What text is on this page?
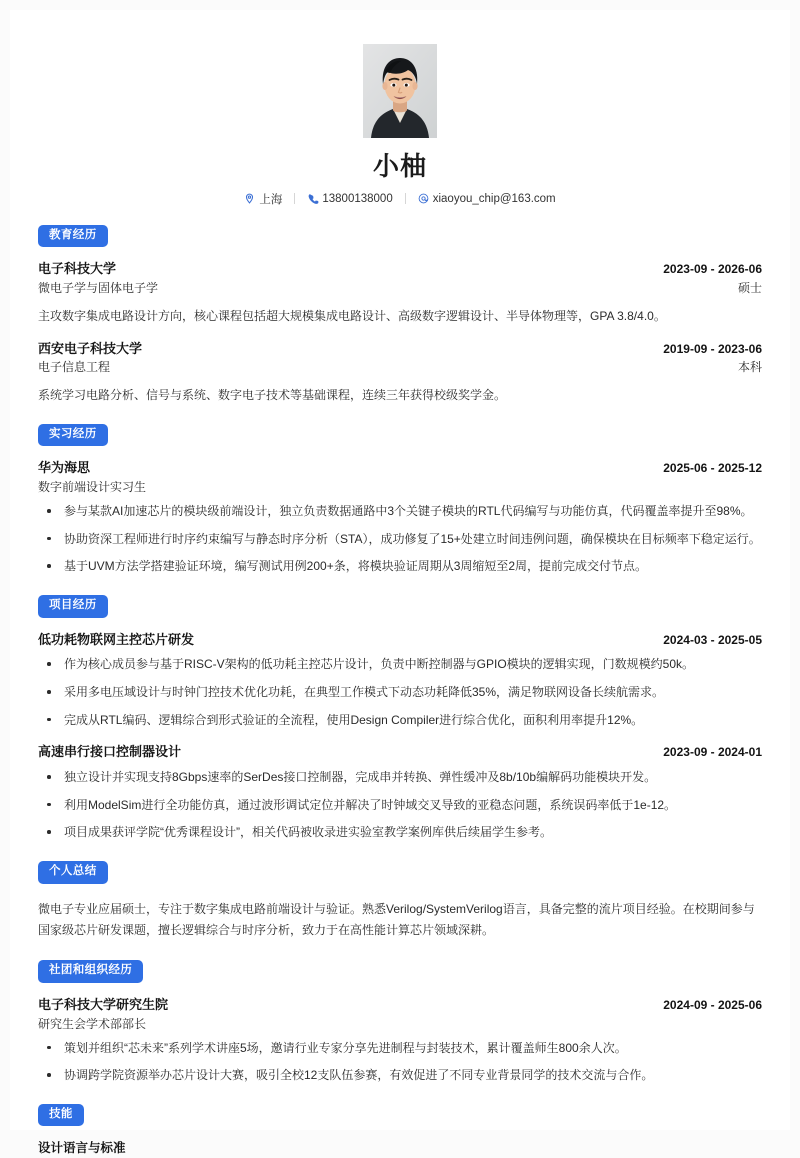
小柚
上海	13800138000	xiaoyou_chip@163.com
教育经历
电子科技大学	2023-09 - 2026-06
微电子学与固体电子学	硕士
主攻数字集成电路设计方向，核心课程包括超大规模集成电路设计、高级数字逻辑设计、半导体物理等，GPA 3.8/4.0。
西安电子科技大学	2019-09 - 2023-06
电子信息工程	本科
系统学习电路分析、信号与系统、数字电子技术等基础课程，连续三年获得校级奖学金。
实习经历
华为海思	2025-06 - 2025-12
数字前端设计实习生
参与某款AI加速芯片的模块级前端设计，独立负责数据通路中3个关键子模块的RTL代码编写与功能仿真，代码覆盖率提升至98%。
协助资深工程师进行时序约束编写与静态时序分析（STA），成功修复了15+处建立时间违例问题，确保模块在目标频率下稳定运行。
基于UVM方法学搭建验证环境，编写测试用例200+条，将模块验证周期从3周缩短至2周，提前完成交付节点。
项目经历
低功耗物联网主控芯片研发	2024-03 - 2025-05
作为核心成员参与基于RISC-V架构的低功耗主控芯片设计，负责中断控制器与GPIO模块的逻辑实现，门数规模约50k。
采用多电压域设计与时钟门控技术优化功耗，在典型工作模式下动态功耗降低35%，满足物联网设备长续航需求。
完成从RTL编码、逻辑综合到形式验证的全流程，使用Design Compiler进行综合优化，面积利用率提升12%。
高速串行接口控制器设计	2023-09 - 2024-01
独立设计并实现支持8Gbps速率的SerDes接口控制器，完成串并转换、弹性缓冲及8b/10b编解码功能模块开发。
利用ModelSim进行全功能仿真，通过波形调试定位并解决了时钟域交叉导致的亚稳态问题，系统误码率低于1e-12。
项目成果获评学院“优秀课程设计”，相关代码被收录进实验室教学案例库供后续届学生参考。
个人总结
微电子专业应届硕士，专注于数字集成电路前端设计与验证。熟悉Verilog/SystemVerilog语言，具备完整的流片项目经验。在校期间参与国家级芯片研发课题，擅长逻辑综合与时序分析，致力于在高性能计算芯片领域深耕。
社团和组织经历
电子科技大学研究生院	2024-09 - 2025-06
研究生会学术部部长
策划并组织“芯未来”系列学术讲座5场，邀请行业专家分享先进制程与封装技术，累计覆盖师生800余人次。
协调跨学院资源举办芯片设计大赛，吸引全校12支队伍参赛，有效促进了不同专业背景同学的技术交流与合作。
技能
设计语言与标准
